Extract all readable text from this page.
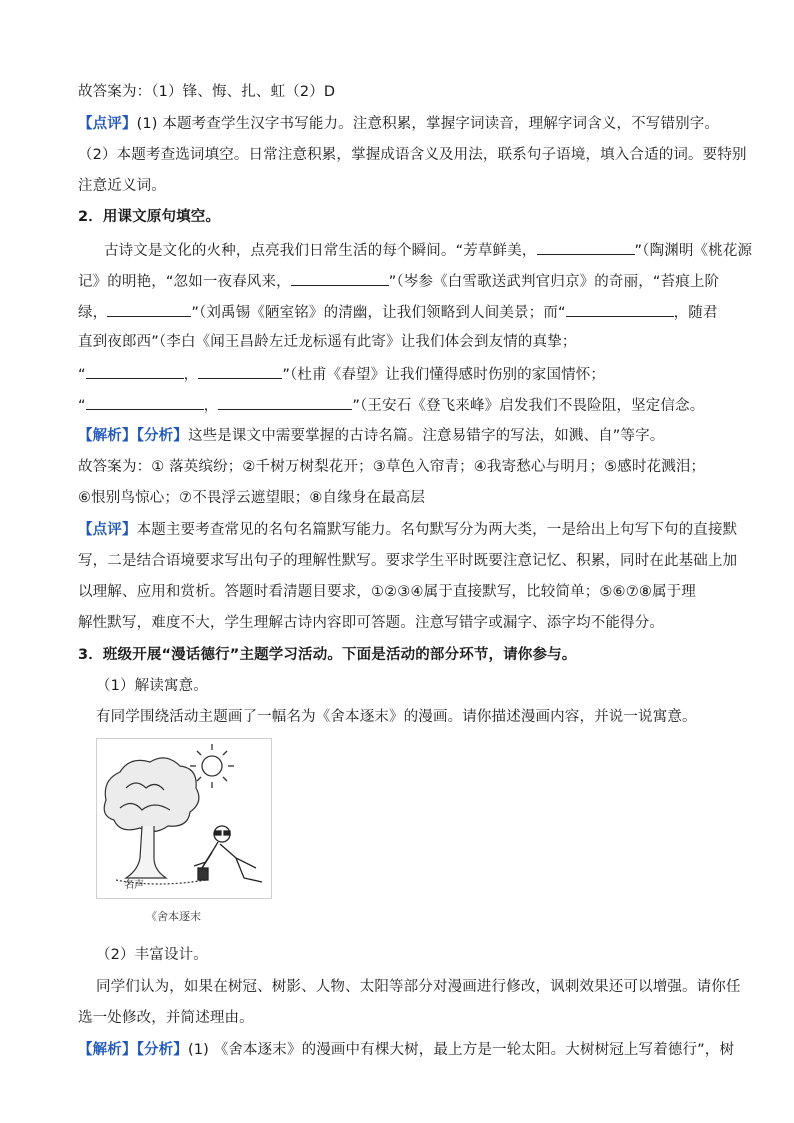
故答案为：（1）锋、悔、扎、虹（2）D
【点评】(1) 本题考查学生汉字书写能力。注意积累，掌握字词读音，理解字词含义，不写错别字。
（2）本题考查选词填空。日常注意积累，掌握成语含义及用法，联系句子语境，填入合适的词。要特别
注意近义词。
2．用课文原句填空。
古诗文是文化的火种，点亮我们日常生活的每个瞬间。“芳草鲜美，	”（陶渊明《桃花源
记》的明艳，“忽如一夜春风来，	”（岑参《白雪歌送武判官归京》的奇丽，“苔痕上阶
绿，	”（刘禹锡《陋室铭》的清幽，让我们领略到人间美景；而“	，随君
直到夜郎西”（李白《闻王昌龄左迁龙标遥有此寄》让我们体会到友情的真挚；
“	，	”（杜甫《春望》让我们懂得感时伤别的家国情怀；
“	，	”（王安石《登飞来峰》启发我们不畏险阻，坚定信念。
【解析】【分析】这些是课文中需要掌握的古诗名篇。注意易错字的写法，如溅、自”等字。
故答案为：① 落英缤纷；②千树万树梨花开；③草色入帘青；④我寄愁心与明月；⑤感时花溅泪；
⑥恨别鸟惊心；⑦不畏浮云遮望眼；⑧自缘身在最高层
【点评】本题主要考查常见的名句名篇默写能力。名句默写分为两大类，一是给出上句写下句的直接默
写，二是结合语境要求写出句子的理解性默写。要求学生平时既要注意记忆、积累，同时在此基础上加
以理解、应用和赏析。答题时看清题目要求，①②③④属于直接默写，比较简单；⑤⑥⑦⑧属于理
解性默写，难度不大，学生理解古诗内容即可答题。注意写错字或漏字、添字均不能得分。
3．班级开展“漫话德行”主题学习活动。下面是活动的部分环节，请你参与。
（1）解读寓意。
有同学围绕活动主题画了一幅名为《舍本逐末》的漫画。请你描述漫画内容，并说一说寓意。
名声
《舍本逐末
（2）丰富设计。
同学们认为，如果在树冠、树影、人物、太阳等部分对漫画进行修改，讽刺效果还可以增强。请你任
选一处修改，并简述理由。
【解析】【分析】(1) 《舍本逐末》的漫画中有棵大树，最上方是一轮太阳。大树树冠上写着德行”，树
